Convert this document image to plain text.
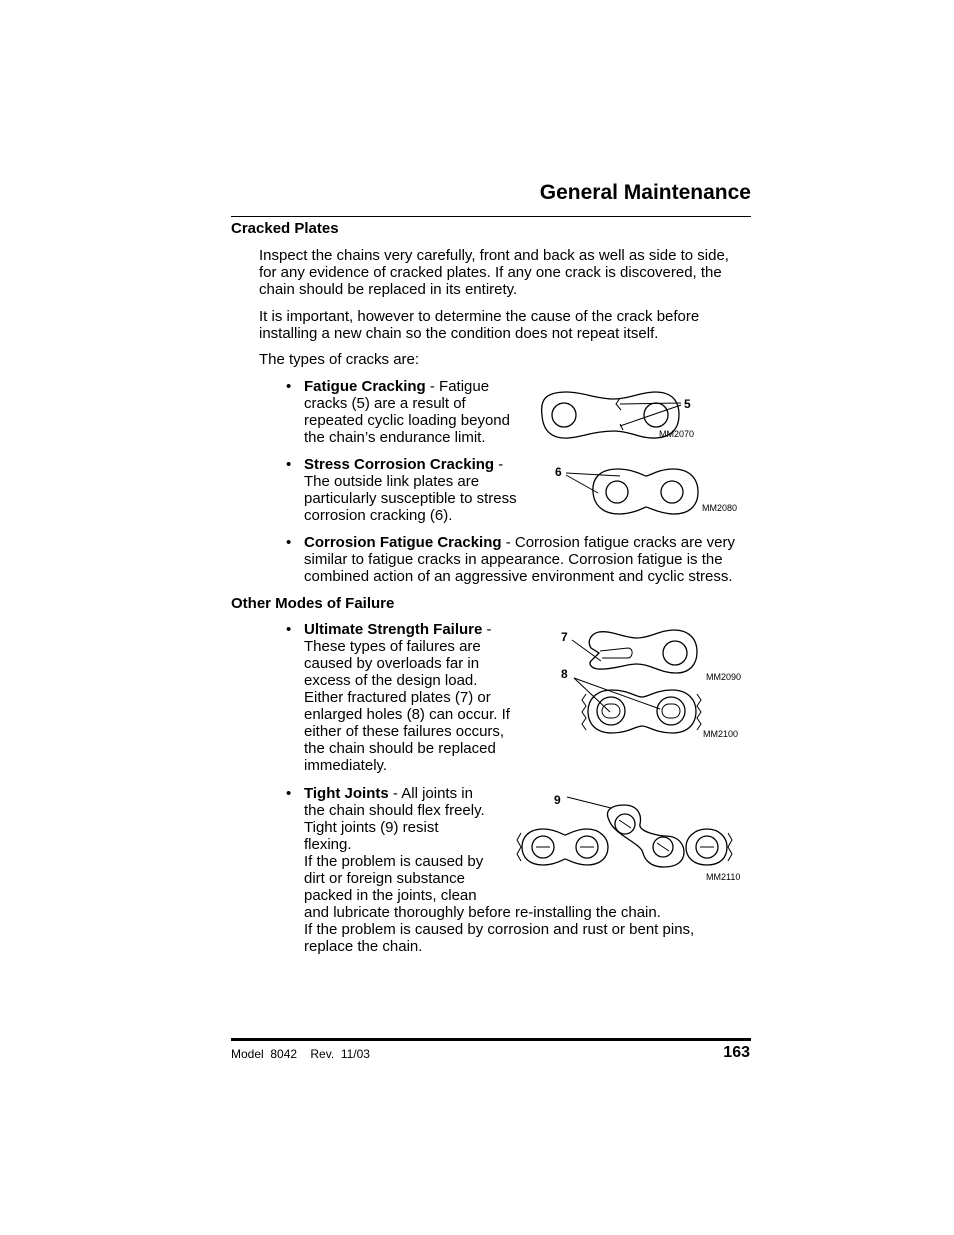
General Maintenance
Cracked Plates
Inspect the chains very carefully, front and back as well as side to side,
for any evidence of cracked plates. If any one crack is discovered, the
chain should be replaced in its entirety.
It is important, however to determine the cause of the crack before
installing a new chain so the condition does not repeat itself.
The types of cracks are:
• Fatigue Cracking - Fatigue
cracks (5) are a result of
repeated cyclic loading beyond
the chain’s endurance limit.
5
MM2070
• Stress Corrosion Cracking -
The outside link plates are
particularly susceptible to stress
corrosion cracking (6).
6
MM2080
• Corrosion Fatigue Cracking - Corrosion fatigue cracks are very
similar to fatigue cracks in appearance. Corrosion fatigue is the
combined action of an aggressive environment and cyclic stress.
Other Modes of Failure
• Ultimate Strength Failure -
These types of failures are
caused by overloads far in
excess of the design load.
Either fractured plates (7) or
enlarged holes (8) can occur. If
either of these failures occurs,
the chain should be replaced
immediately.
7
MM2090
8
MM2100
• Tight Joints - All joints in
the chain should flex freely.
Tight joints (9) resist
flexing.
If the problem is caused by
dirt or foreign substance
packed in the joints, clean
and lubricate thoroughly before re-installing the chain.
If the problem is caused by corrosion and rust or bent pins,
replace the chain.
9
MM2110
Model  8042    Rev.  11/03	163
